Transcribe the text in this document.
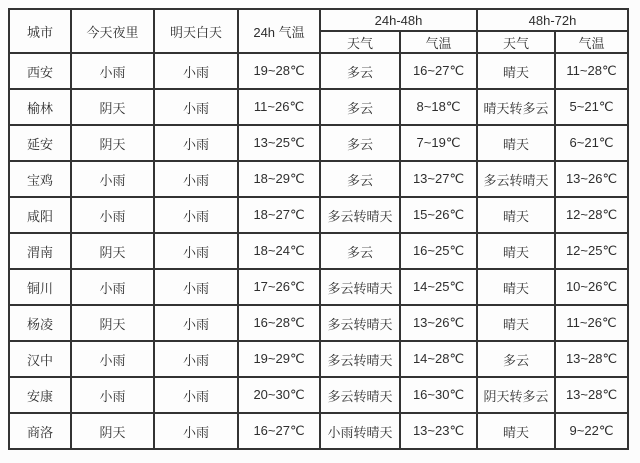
城市	今天夜里	明天白天	24h 气温	24h-48h		48h-72h	
				天气	气温	天气	气温
西安	小雨	小雨	19~28℃	多云	16~27℃	晴天	11~28℃
榆林	阴天	小雨	11~26℃	多云	8~18℃	晴天转多云	5~21℃
延安	阴天	小雨	13~25℃	多云	7~19℃	晴天	6~21℃
宝鸡	小雨	小雨	18~29℃	多云	13~27℃	多云转晴天	13~26℃
咸阳	小雨	小雨	18~27℃	多云转晴天	15~26℃	晴天	12~28℃
渭南	阴天	小雨	18~24℃	多云	16~25℃	晴天	12~25℃
铜川	小雨	小雨	17~26℃	多云转晴天	14~25℃	晴天	10~26℃
杨凌	阴天	小雨	16~28℃	多云转晴天	13~26℃	晴天	11~26℃
汉中	小雨	小雨	19~29℃	多云转晴天	14~28℃	多云	13~28℃
安康	小雨	小雨	20~30℃	多云转晴天	16~30℃	阴天转多云	13~28℃
商洛	阴天	小雨	16~27℃	小雨转晴天	13~23℃	晴天	9~22℃
